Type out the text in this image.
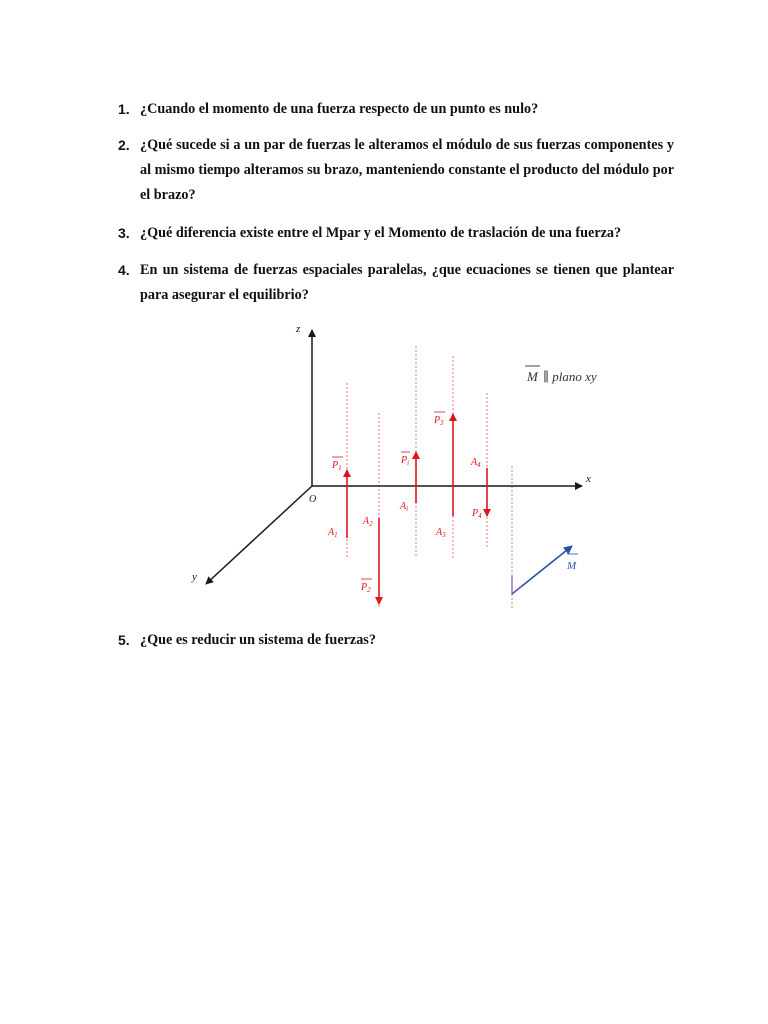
1. ¿Cuando el momento de una fuerza respecto de un punto es nulo?
2. ¿Qué sucede si a un par de fuerzas le alteramos el módulo de sus fuerzas componentes y al mismo tiempo alteramos su brazo, manteniendo constante el producto del módulo por el brazo?
3. ¿Qué diferencia existe entre el Mpar y el Momento de traslación de una fuerza?
4. En un sistema de fuerzas espaciales paralelas, ¿que ecuaciones se tienen que plantear para asegurar el equilibrio?
z
x
y
O
$P_1$
$P_2$
$P_3$
$P_4$
$P_i$
$A_1$
$A_2$
$A_3$
$A_4$
$A_i$
M
M ∥ plano xy
5. ¿Que es reducir un sistema de fuerzas?
